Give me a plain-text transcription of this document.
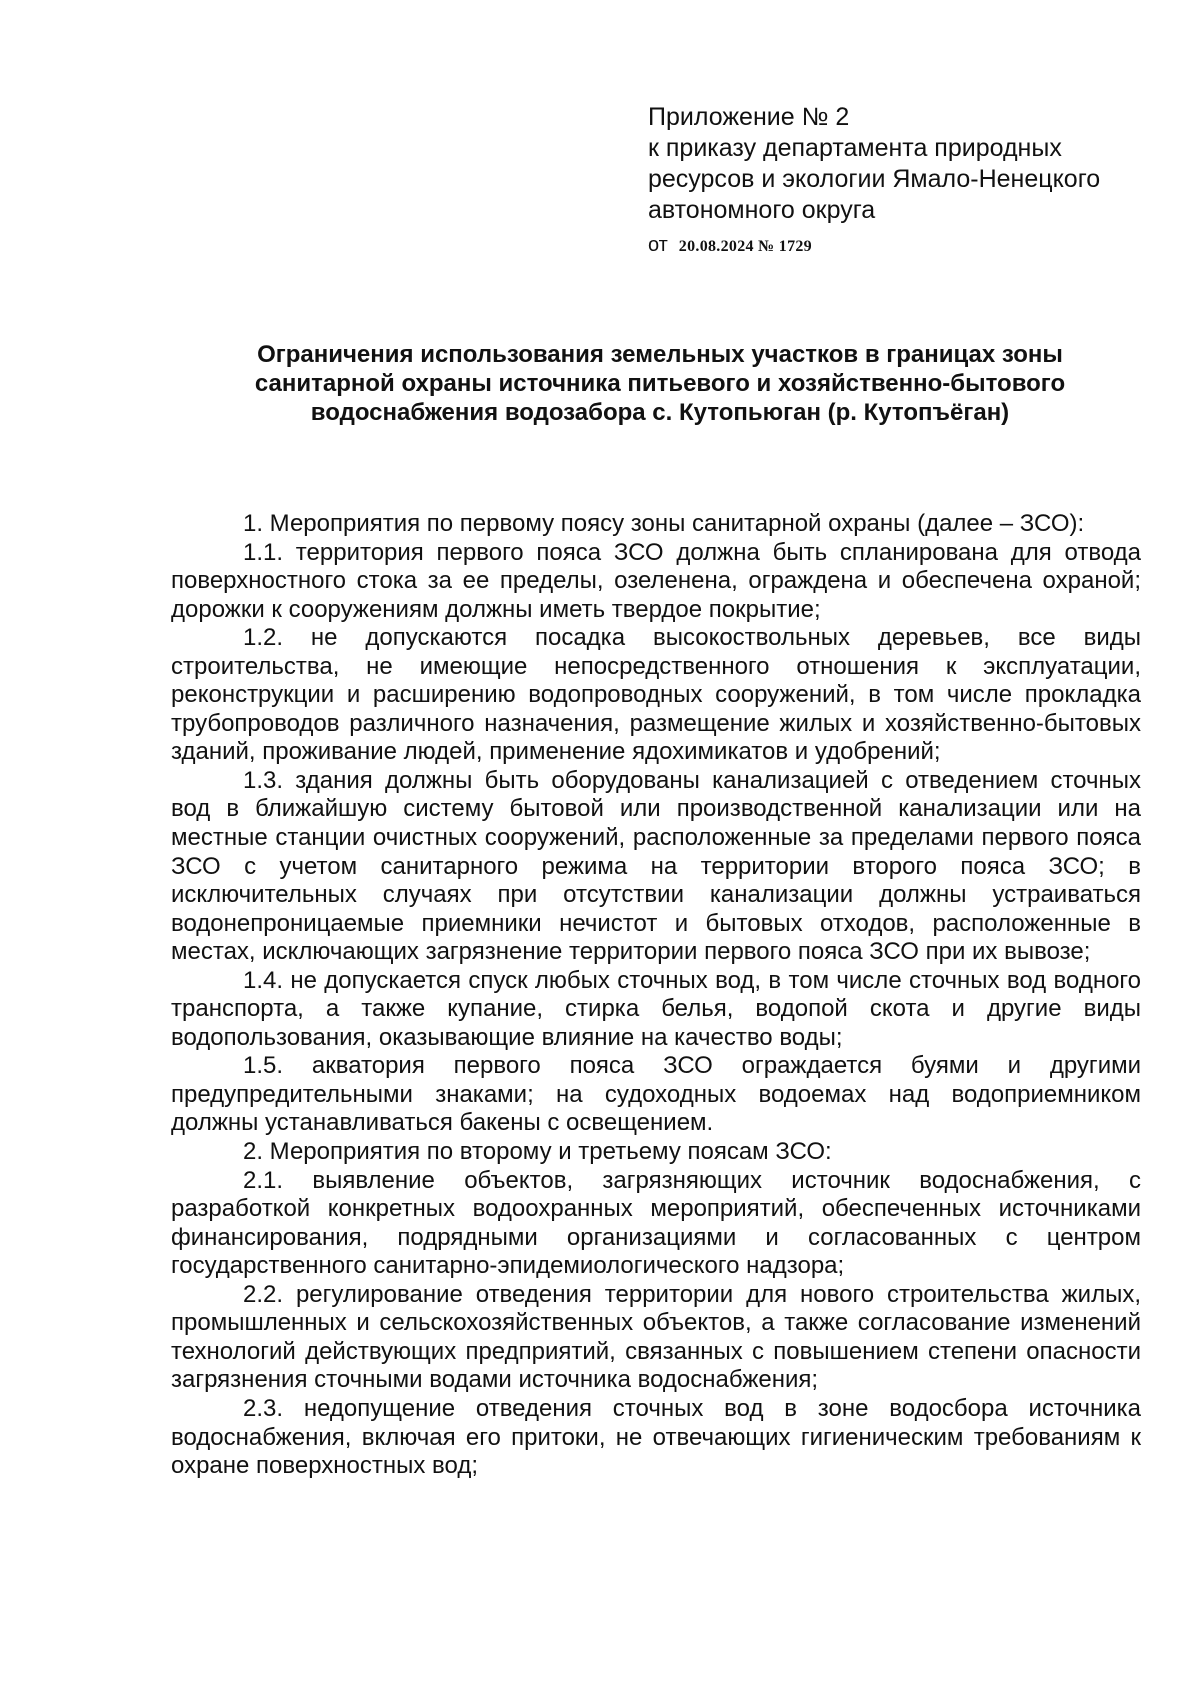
Приложение № 2
к приказу департамента природных
ресурсов и экологии Ямало-Ненецкого
автономного округа
от 20.08.2024 № 1729
Ограничения использования земельных участков в границах зоны
санитарной охраны источника питьевого и хозяйственно-бытового
водоснабжения водозабора с. Кутопьюган (р. Кутопъёган)

1. Мероприятия по первому поясу зоны санитарной охраны (далее – ЗСО):

1.1. территория первого пояса ЗСО должна быть спланирована для отвода поверхностного стока за ее пределы, озеленена, ограждена и обеспечена охраной; дорожки к сооружениям должны иметь твердое покрытие;

1.2. не допускаются посадка высокоствольных деревьев, все виды строительства, не имеющие непосредственного отношения к эксплуатации, реконструкции и расширению водопроводных сооружений, в том числе прокладка трубопроводов различного назначения, размещение жилых и хозяйственно-бытовых зданий, проживание людей, применение ядохимикатов и удобрений;

1.3. здания должны быть оборудованы канализацией с отведением сточных вод в ближайшую систему бытовой или производственной канализации или на местные станции очистных сооружений, расположенные за пределами первого пояса ЗСО с учетом санитарного режима на территории второго пояса ЗСО; в исключительных случаях при отсутствии канализации должны устраиваться водонепроницаемые приемники нечистот и бытовых отходов, расположенные в местах, исключающих загрязнение территории первого пояса ЗСО при их вывозе;

1.4. не допускается спуск любых сточных вод, в том числе сточных вод водного транспорта, а также купание, стирка белья, водопой скота и другие виды водопользования, оказывающие влияние на качество воды;

1.5. акватория первого пояса ЗСО ограждается буями и другими предупредительными знаками; на судоходных водоемах над водоприемником должны устанавливаться бакены с освещением.

2. Мероприятия по второму и третьему поясам ЗСО:

2.1. выявление объектов, загрязняющих источник водоснабжения, с разработкой конкретных водоохранных мероприятий, обеспеченных источниками финансирования, подрядными организациями и согласованных с центром государственного санитарно-эпидемиологического надзора;

2.2. регулирование отведения территории для нового строительства жилых, промышленных и сельскохозяйственных объектов, а также согласование изменений технологий действующих предприятий, связанных с повышением степени опасности загрязнения сточными водами источника водоснабжения;

2.3. недопущение отведения сточных вод в зоне водосбора источника водоснабжения, включая его притоки, не отвечающих гигиеническим требованиям к охране поверхностных вод;
